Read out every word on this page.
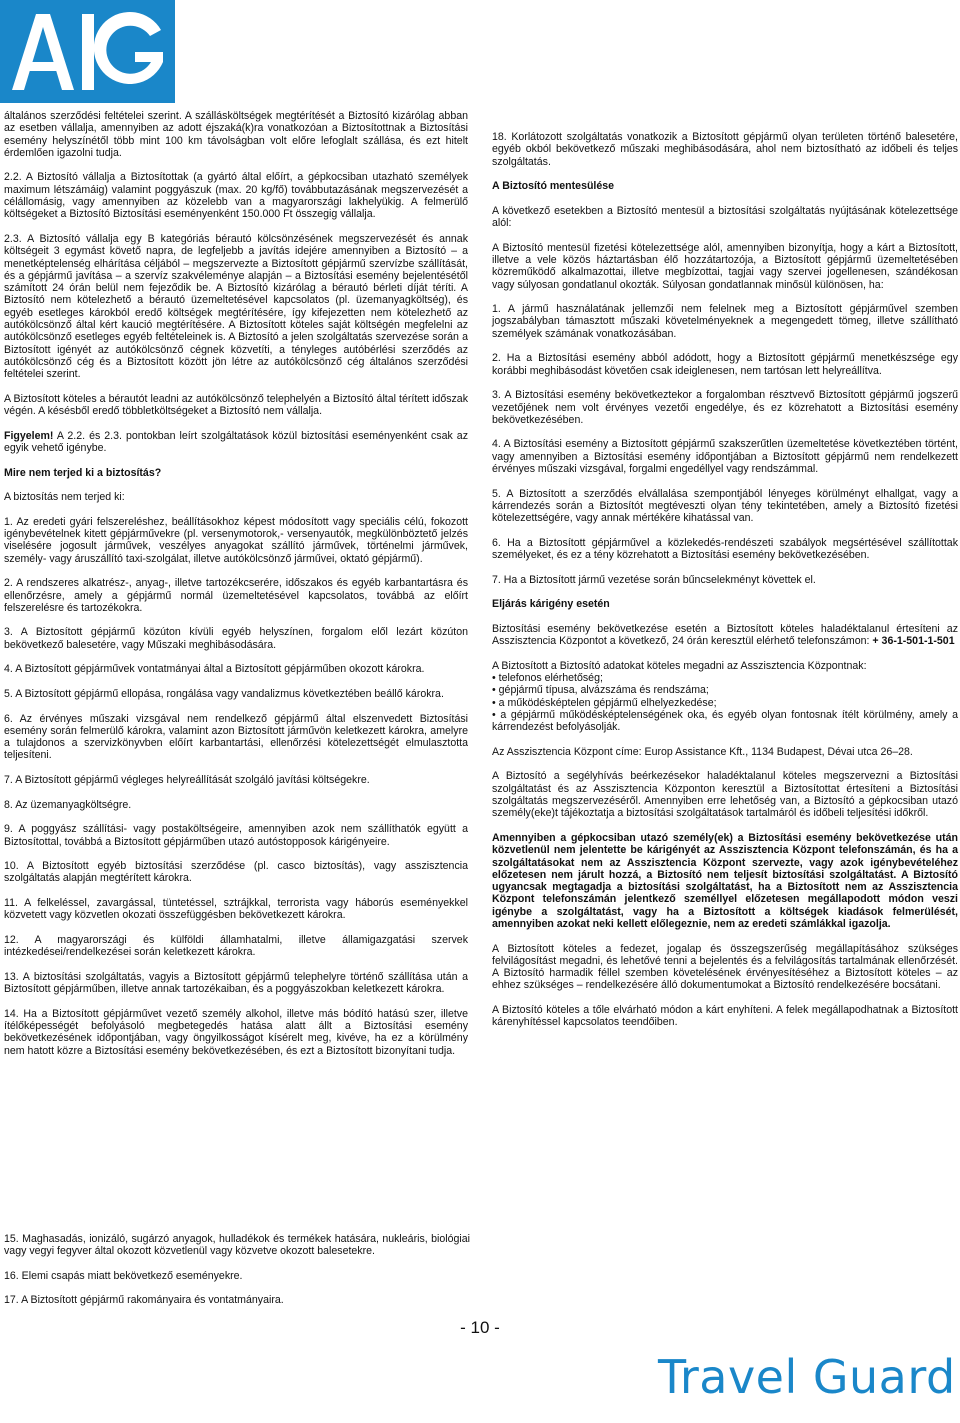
általános szerződési feltételei szerint. A szállásköltségek megtérítését a Biztosító kizárólag abban az esetben vállalja, amennyiben az adott éjszaká(k)ra vonatkozóan a Biztosítottnak a Biztosítási esemény helyszínétől több mint 100 km távolságban volt előre lefoglalt szállása, és ezt hitelt érdemlően igazolni tudja.

2.2. A Biztosító vállalja a Biztosítottak (a gyártó által előírt, a gépkocsiban utazható személyek maximum létszámáig) valamint poggyászuk (max. 20 kg/fő) továbbutazásának megszervezését a célállomásig, vagy amennyiben az közelebb van a magyarországi lakhelyükig. A felmerülő költségeket a Biztosító Biztosítási eseményenként 150.000 Ft összegig vállalja.

2.3. A Biztosító vállalja egy B kategóriás bérautó kölcsönzésének megszervezését és annak költségeit 3 egymást követő napra, de legfeljebb a javítás idejére amennyiben a Biztosító – a menetképtelenség elhárítása céljából – megszervezte a Biztosított gépjármű szervízbe szállítását, és a gépjármű javítása – a szervíz szakvéleménye alapján – a Biztosítási esemény bejelentésétől számított 24 órán belül nem fejeződik be. A Biztosító kizárólag a bérautó bérleti díját téríti. A Biztosító nem kötelezhető a bérautó üzemeltetésével kapcsolatos (pl. üzemanyagköltség), és egyéb esetleges károkból eredő költségek megtérítésére, így kifejezetten nem kötelezhető az autókölcsönző által kért kaució megtérítésére. A Biztosított köteles saját költségén megfelelni az autókölcsönző esetleges egyéb feltételeinek is. A Biztosító a jelen szolgáltatás szervezése során a Biztosított igényét az autókölcsönző cégnek közvetíti, a tényleges autóbérlési szerződés az autókölcsönző cég és a Biztosított között jön létre az autókölcsönző cég általános szerződési feltételei szerint.

A Biztosított köteles a bérautót leadni az autókölcsönző telephelyén a Biztosító által térített időszak végén. A késésből eredő többletköltségeket a Biztosító nem vállalja.

Figyelem! A 2.2. és 2.3. pontokban leírt szolgáltatások közül biztosítási eseményenként csak az egyik vehető igénybe.

Mire nem terjed ki a biztosítás?

A biztosítás nem terjed ki:

1. Az eredeti gyári felszereléshez, beállításokhoz képest módosított vagy speciális célú, fokozott igénybevételnek kitett gépjárművekre (pl. versenymotorok,- versenyautók, megkülönböztető jelzés viselésére jogosult járművek, veszélyes anyagokat szállító járművek, történelmi járművek, személy- vagy áruszállító taxi-szolgálat, illetve autókölcsönző járművei, oktató gépjármű).

2. A rendszeres alkatrész-, anyag-, illetve tartozékcserére, időszakos és egyéb karbantartásra és ellenőrzésre, amely a gépjármű normál üzemeltetésével kapcsolatos, továbbá az előírt felszerelésre és tartozékokra.

3. A Biztosított gépjármű közúton kívüli egyéb helyszínen, forgalom elől lezárt közúton bekövetkező balesetére, vagy Műszaki meghibásodására.

4. A Biztosított gépjárművek vontatmányai által a Biztosított gépjárműben okozott károkra.

5. A Biztosított gépjármű ellopása, rongálása vagy vandalizmus következtében beállő károkra.

6. Az érvényes műszaki vizsgával nem rendelkező gépjármű által elszenvedett Biztosítási esemény során felmerülő károkra, valamint azon Biztosított járművön keletkezett károkra, amelyre a tulajdonos a szervizkönyvben előírt karbantartási, ellenőrzési kötelezettségét elmulasztotta teljesíteni.

7. A Biztosított gépjármű végleges helyreállítását szolgáló javítási költségekre.

8. Az üzemanyagköltségre.

9. A poggyász szállítási- vagy postaköltségeire, amennyiben azok nem szállíthatók együtt a Biztosítottal, továbbá a Biztosított gépjárműben utazó autóstopposok kárigényeire.

10. A Biztosított egyéb biztosítási szerződése (pl. casco biztosítás), vagy asszisztencia szolgáltatás alapján megtérített károkra.

11. A felkeléssel, zavargással, tüntetéssel, sztrájkkal, terrorista vagy háborús eseményekkel közvetett vagy közvetlen okozati összefüggésben bekövetkezett károkra.

12. A magyarországi és külföldi államhatalmi, illetve államigazgatási szervek intézkedései/rendelkezései során keletkezett károkra.

13. A biztosítási szolgáltatás, vagyis a Biztosított gépjármű telephelyre történő szállítása után a Biztosított gépjárműben, illetve annak tartozékaiban, és a poggyászokban keletkezett károkra.

14. Ha a Biztosított gépjárművet vezető személy alkohol, illetve más bódító hatású szer, illetve ítélőképességét befolyásoló megbetegedés hatása alatt állt a Biztosítási esemény bekövetkezésének időpontjában, vagy öngyilkosságot kísérelt meg, kivéve, ha ez a körülmény nem hatott közre a Biztosítási esemény bekövetkezésében, és ezt a Biztosított bizonyítani tudja.

15. Maghasadás, ionizáló, sugárzó anyagok, hulladékok és termékek hatására, nukleáris, biológiai vagy vegyi fegyver által okozott közvetlenül vagy közvetve okozott balesetekre.

16. Elemi csapás miatt bekövetkező eseményekre.

17. A Biztosított gépjármű rakományaira és vontatmányaira.

18. Korlátozott szolgáltatás vonatkozik a Biztosított gépjármű olyan területen történő balesetére, egyéb okból bekövetkező műszaki meghibásodására, ahol nem biztosítható az időbeli és teljes szolgáltatás.

A Biztosító mentesülése

A következő esetekben a Biztosító mentesül a biztosítási szolgáltatás nyújtásának kötelezettsége alól:

A Biztosító mentesül fizetési kötelezettsége alól, amennyiben bizonyítja, hogy a kárt a Biztosított, illetve a vele közös háztartásban élő hozzátartozója, a Biztosított gépjármű üzemeltetésében közreműködő alkalmazottai, illetve megbízottai, tagjai vagy szervei jogellenesen, szándékosan vagy súlyosan gondatlanul okozták. Súlyosan gondatlannak minősül különösen, ha:

1. A jármű használatának jellemzői nem felelnek meg a Biztosított gépjárművel szemben jogszabályban támasztott műszaki követelményeknek a megengedett tömeg, illetve szállítható személyek számának vonatkozásában.

2. Ha a Biztosítási esemény abból adódott, hogy a Biztosított gépjármű menetkészsége egy korábbi meghibásodást követően csak ideiglenesen, nem tartósan lett helyreállítva.

3. A Biztosítási esemény bekövetkeztekor a forgalomban résztvevő Biztosított gépjármű jogszerű vezetőjének nem volt érvényes vezetői engedélye, és ez közrehatott a Biztosítási esemény bekövetkezésében.

4. A Biztosítási esemény a Biztosított gépjármű szakszerűtlen üzemeltetése következtében történt, vagy amennyiben a Biztosítási esemény időpontjában a Biztosított gépjármű nem rendelkezett érvényes műszaki vizsgával, forgalmi engedéllyel vagy rendszámmal.

5. A Biztosított a szerződés elvállalása szempontjából lényeges körülményt elhallgat, vagy a kárrendezés során a Biztosítót megtéveszti olyan tény tekintetében, amely a Biztosító fizetési kötelezettségére, vagy annak mértékére kihatással van.

6. Ha a Biztosított gépjárművel a közlekedés-rendészeti szabályok megsértésével szállítottak személyeket, és ez a tény közrehatott a Biztosítási esemény bekövetkezésében.

7. Ha a Biztosított jármű vezetése során bűncselekményt követtek el.

Eljárás kárigény esetén

Biztosítási esemény bekövetkezése esetén a Biztosított köteles haladéktalanul értesíteni az Asszisztencia Központot a következő, 24 órán keresztül elérhető telefonszámon: + 36-1-501-1-501

A Biztosított a Biztosító adatokat köteles megadni az Asszisztencia Központnak:
• telefonos elérhetőség;
• gépjármű típusa, alvázszáma és rendszáma;
• a működésképtelen gépjármű elhelyezkedése;
• a gépjármű működésképtelenségének oka, és egyéb olyan fontosnak ítélt körülmény, amely a kárrendezést befolyásolják.

Az Asszisztencia Központ címe: Europ Assistance Kft., 1134 Budapest, Dévai utca 26–28.

A Biztosító a segélyhívás beérkezésekor haladéktalanul köteles megszervezni a Biztosítási szolgáltatást és az Asszisztencia Központon keresztül a Biztosítottat értesíteni a Biztosítási szolgáltatás megszervezéséről. Amennyiben erre lehetőség van, a Biztosító a gépkocsiban utazó személy(eke)t tájékoztatja a biztosítási szolgáltatások tartalmáról és időbeli teljesítési időkről.

Amennyiben a gépkocsiban utazó személy(ek) a Biztosítási esemény bekövetkezése után közvetlenül nem jelentette be kárigényét az Asszisztencia Központ telefonszámán, és ha a szolgáltatásokat nem az Asszisztencia Központ szervezte, vagy azok igénybevételéhez előzetesen nem járult hozzá, a Biztosító nem teljesít biztosítási szolgáltatást. A Biztosító ugyancsak megtagadja a biztosítási szolgáltatást, ha a Biztosított nem az Asszisztencia Központ telefonszámán jelentkező személlyel előzetesen megállapodott módon veszi igénybe a szolgáltatást, vagy ha a Biztosított a költségek kiadások felmerülését, amennyiben azokat neki kellett előlegeznie, nem az eredeti számlákkal igazolja.

A Biztosított köteles a fedezet, jogalap és összegszerűség megállapításához szükséges felvilágosítást megadni, és lehetővé tenni a bejelentés és a felvilágosítás tartalmának ellenőrzését. A Biztosító harmadik féllel szemben követelésének érvényesítéséhez a Biztosított köteles – az ehhez szükséges – rendelkezésére álló dokumentumokat a Biztosító rendelkezésére bocsátani.

A Biztosító köteles a tőle elvárható módon a kárt enyhíteni. A felek megállapodhatnak a Biztosított kárenyhítéssel kapcsolatos teendőiben.

- 10 -
Travel Guard
